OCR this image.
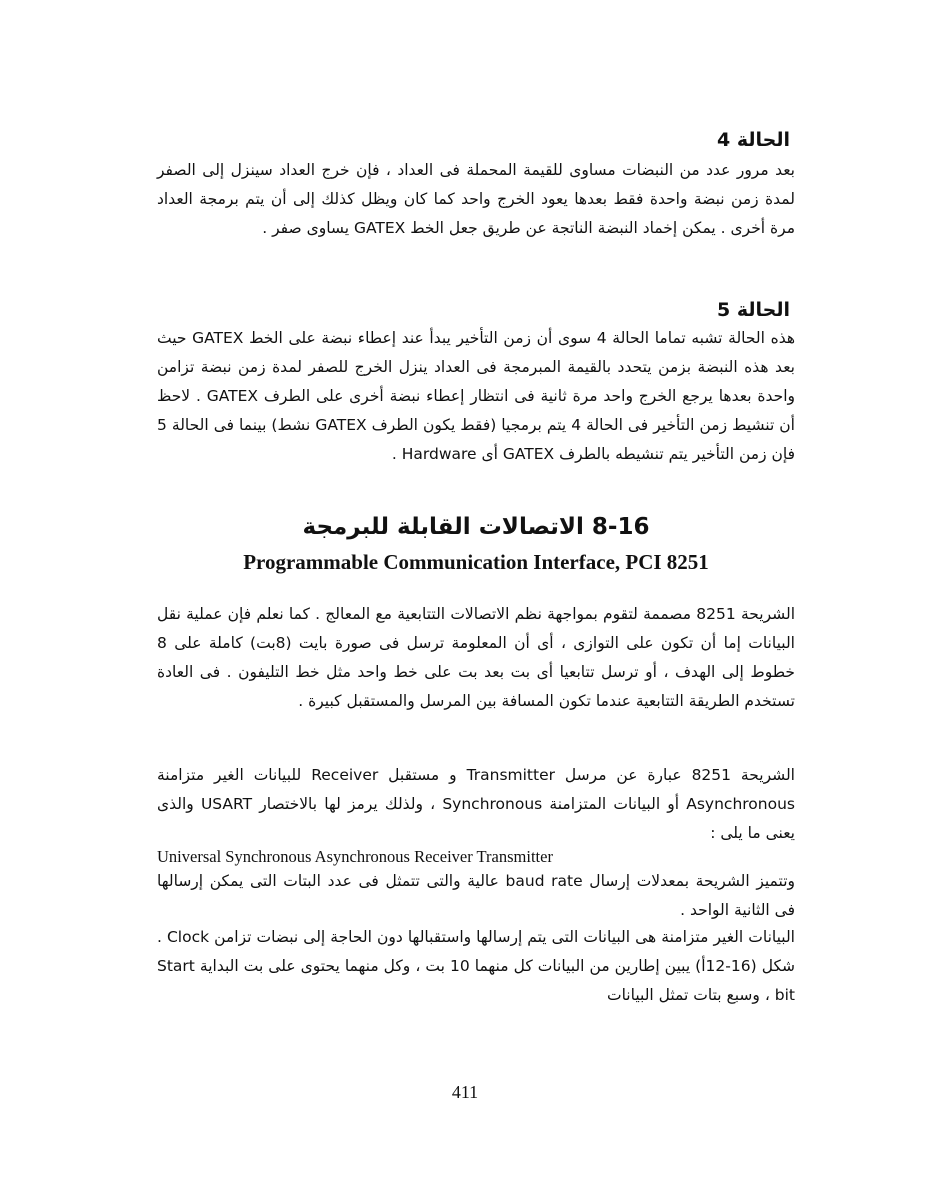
الحالة 4
بعد مرور عدد من النبضات مساوى للقيمة المحملة فى العداد ، فإن خرج العداد سينزل إلى الصفر لمدة زمن نبضة واحدة فقط بعدها يعود الخرج واحد كما كان ويظل كذلك إلى أن يتم برمجة العداد مرة أخرى . يمكن إخماد النبضة الناتجة عن طريق جعل الخط GATEX يساوى صفر .
الحالة 5
هذه الحالة تشبه تماما الحالة 4 سوى أن زمن التأخير يبدأ عند إعطاء نبضة على الخط GATEX حيث بعد هذه النبضة بزمن يتحدد بالقيمة المبرمجة فى العداد ينزل الخرج للصفر لمدة زمن نبضة تزامن واحدة بعدها يرجع الخرج واحد مرة ثانية فى انتظار إعطاء نبضة أخرى على الطرف GATEX . لاحظ أن تنشيط زمن التأخير فى الحالة 4 يتم برمجيا (فقط يكون الطرف GATEX نشط) بينما فى الحالة 5 فإن زمن التأخير يتم تنشيطه بالطرف GATEX أى Hardware .
8-16 الاتصالات القابلة للبرمجة
Programmable Communication Interface, PCI 8251
الشريحة 8251 مصممة لتقوم بمواجهة نظم الاتصالات التتابعية مع المعالج . كما نعلم فإن عملية نقل البيانات إما أن تكون على التوازى ، أى أن المعلومة ترسل فى صورة بايت (8بت) كاملة على 8 خطوط إلى الهدف ، أو ترسل تتابعيا أى بت بعد بت على خط واحد مثل خط التليفون . فى العادة تستخدم الطريقة التتابعية عندما تكون المسافة بين المرسل والمستقبل كبيرة .
الشريحة 8251 عبارة عن مرسل Transmitter و مستقبل Receiver للبيانات الغير متزامنة Asynchronous أو البيانات المتزامنة Synchronous ، ولذلك يرمز لها بالاختصار USART والذى يعنى ما يلى :
Universal Synchronous Asynchronous Receiver Transmitter
وتتميز الشريحة بمعدلات إرسال baud rate عالية والتى تتمثل فى عدد البتات التى يمكن إرسالها فى الثانية الواحد .
البيانات الغير متزامنة هى البيانات التى يتم إرسالها واستقبالها دون الحاجة إلى نبضات تزامن Clock . شكل (16-12أ) يبين إطارين من البيانات كل منهما 10 بت ، وكل منهما يحتوى على بت البداية Start bit ، وسبع بتات تمثل البيانات
411
